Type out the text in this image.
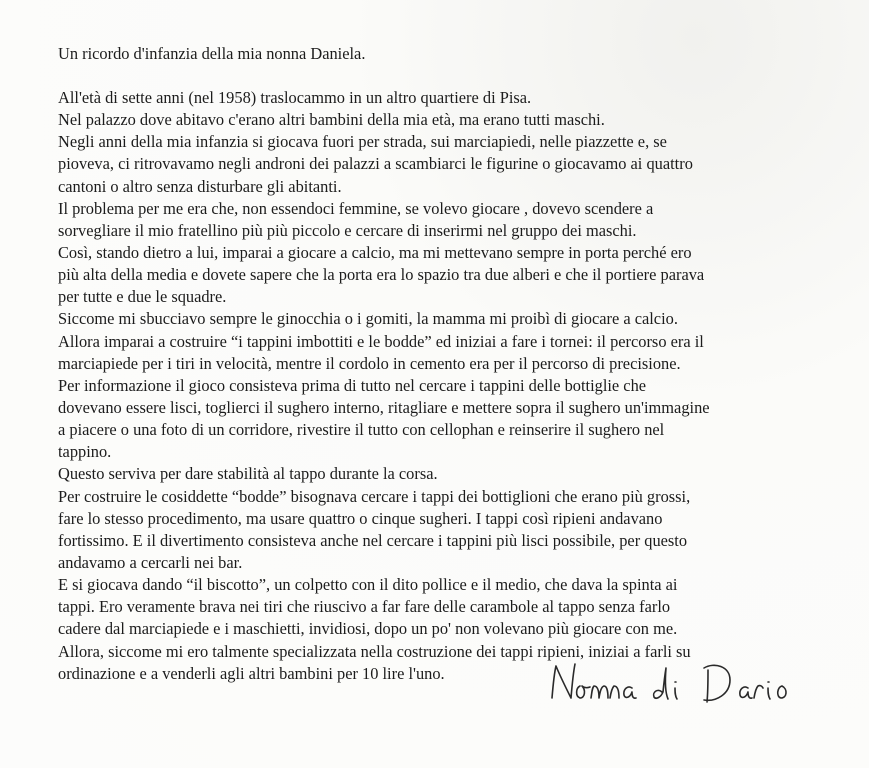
Un ricordo d'infanzia della mia nonna Daniela.

All'età di sette anni (nel 1958) traslocammo in un altro quartiere di Pisa.
Nel palazzo dove abitavo c'erano altri bambini della mia età, ma erano tutti maschi.
Negli anni della mia infanzia si giocava fuori per strada, sui marciapiedi, nelle piazzette e, se
pioveva, ci ritrovavamo negli androni dei palazzi a scambiarci le figurine o giocavamo ai quattro
cantoni o altro senza disturbare gli abitanti.
Il problema per me era che, non essendoci femmine, se volevo giocare , dovevo scendere a
sorvegliare il mio fratellino più più piccolo e cercare di inserirmi nel gruppo dei maschi.
Così, stando dietro a lui, imparai a giocare a calcio, ma mi mettevano sempre in porta perché ero
più alta della media e dovete sapere che la porta era lo spazio tra due alberi e che il portiere parava
per tutte e due le squadre.
Siccome mi sbucciavo sempre le ginocchia o i gomiti, la mamma mi proibì di giocare a calcio.
Allora imparai a costruire “i tappini imbottiti e le bodde” ed iniziai a fare i tornei: il percorso era il
marciapiede per i tiri in velocità, mentre il cordolo in cemento era per il percorso di precisione.
Per informazione il gioco consisteva prima di tutto nel cercare i tappini delle bottiglie che
dovevano essere lisci, toglierci il sughero interno, ritagliare e mettere sopra il sughero un'immagine
a piacere o una foto di un corridore, rivestire il tutto con cellophan e reinserire il sughero nel
tappino.
Questo serviva per dare stabilità al tappo durante la corsa.
Per costruire le cosiddette “bodde” bisognava cercare i tappi dei bottiglioni che erano più grossi,
fare lo stesso procedimento, ma usare quattro o cinque sugheri. I tappi così ripieni andavano
fortissimo. E il divertimento consisteva anche nel cercare i tappini più lisci possibile, per questo
andavamo a cercarli nei bar.
E si giocava dando “il biscotto”, un colpetto con il dito pollice e il medio, che dava la spinta ai
tappi. Ero veramente brava nei tiri che riuscivo a far fare delle carambole al tappo senza farlo
cadere dal marciapiede e i maschietti, invidiosi, dopo un po' non volevano più giocare con me.
Allora, siccome mi ero talmente specializzata nella costruzione dei tappi ripieni, iniziai a farli su
ordinazione e a venderli agli altri bambini per 10 lire l'uno.
